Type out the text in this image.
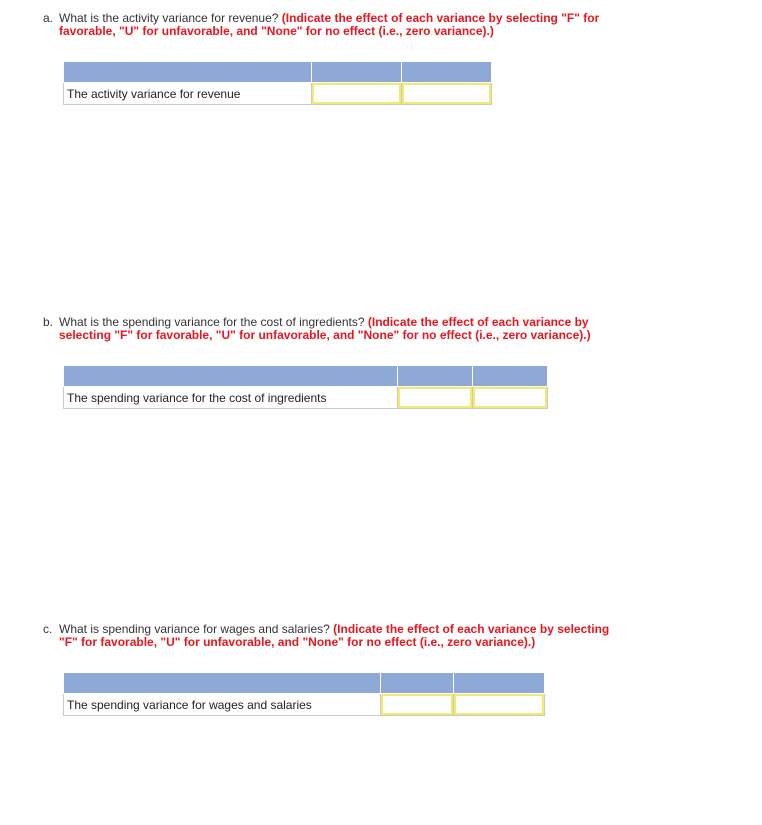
a. What is the activity variance for revenue? (Indicate the effect of each variance by selecting "F" for favorable, "U" for unfavorable, and "None" for no effect (i.e., zero variance).)

The activity variance for revenue	

b. What is the spending variance for the cost of ingredients? (Indicate the effect of each variance by selecting "F" for favorable, "U" for unfavorable, and "None" for no effect (i.e., zero variance).)

The spending variance for the cost of ingredients	

c. What is spending variance for wages and salaries? (Indicate the effect of each variance by selecting "F" for favorable, "U" for unfavorable, and "None" for no effect (i.e., zero variance).)

The spending variance for wages and salaries	
